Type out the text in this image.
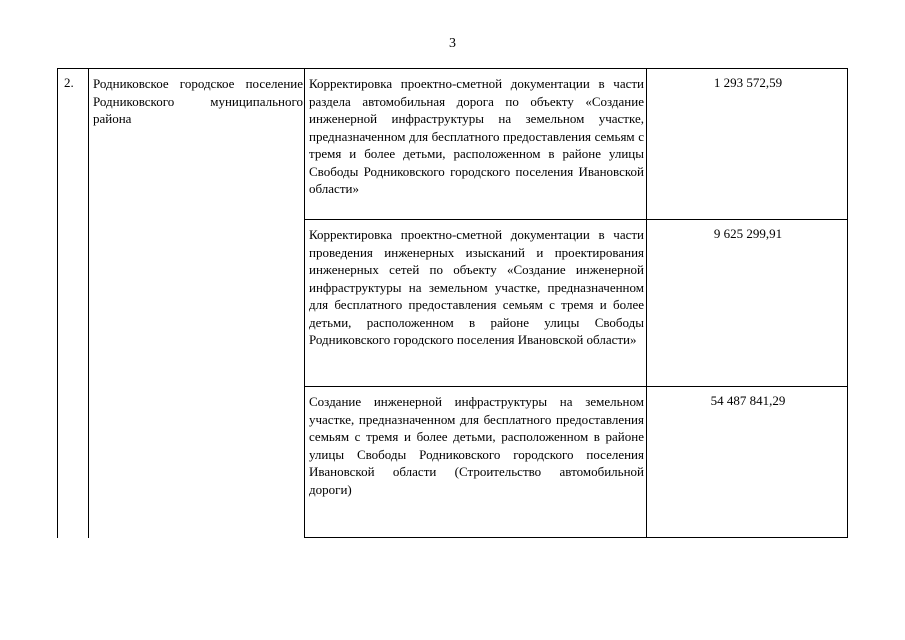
3
2. Родниковское городское поселение Родниковского муниципального района
Корректировка проектно-сметной документации в части раздела автомобильная дорога по объекту «Создание инженерной инфраструктуры на земельном участке, предназначенном для бесплатного предоставления семьям с тремя и более детьми, расположенном в районе улицы Свободы Родниковского городского поселения Ивановской области»
1 293 572,59
Корректировка проектно-сметной документации в части проведения инженерных изысканий и проектирования инженерных сетей по объекту «Создание инженерной инфраструктуры на земельном участке, предназначенном для бесплатного предоставления семьям с тремя и более детьми, расположенном в районе улицы Свободы Родниковского городского поселения Ивановской области»
9 625 299,91
Создание инженерной инфраструктуры на земельном участке, предназначенном для бесплатного предоставления семьям с тремя и более детьми, расположенном в районе улицы Свободы Родниковского городского поселения Ивановской области (Строительство автомобильной дороги)
54 487 841,29
